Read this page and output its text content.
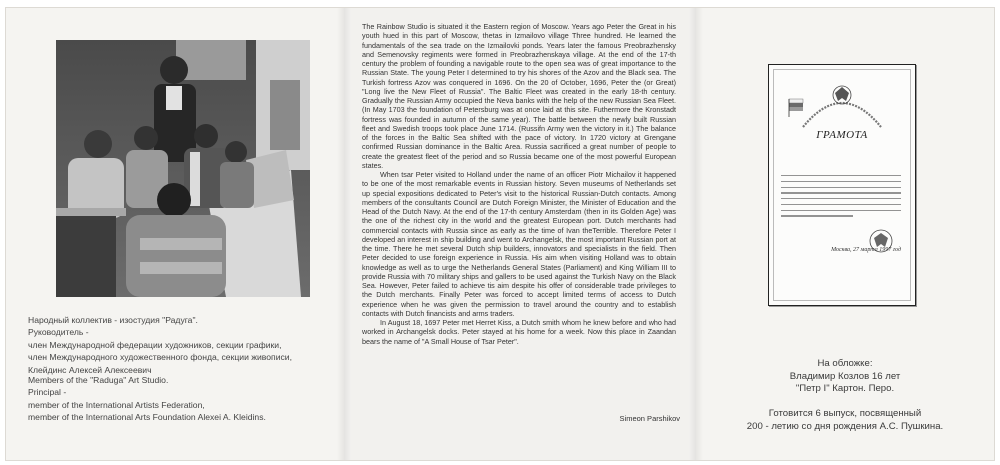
Народный коллектив - изостудия "Радуга".
Руководитель -
член Международной федерации художников, секции графики,
член Международного художественного фонда, секции живописи,
Клейдинс Алексей Алексеевич
Members of the "Raduga" Art Studio.
Principal -
member of the International Artists Federation,
member of the International Arts Foundation Alexei A. Kleidins.

The Rainbow Studio is situated it the Eastern region of Moscow. Years ago Peter the Great in his youth hued in this part of Moscow, thetas in Izmailovo village Three hundred. He learned the fundamentals of the sea trade on the Izmailovki ponds. Years later the famous Preobrazhensky and Semenovsky regiments were formed in Preobrazhenskaya village. At the end of the 17-th century the problem of founding a navigable route to the open sea was of great importance to the Russian State. The young Peter I determined to try his shores of the Azov and the Black sea. The Turkish fortress Azov was conquered in 1696. On the 20 of October, 1696, Peter the (or Great) "Long live the New Fleet of Russia". The Baltic Fleet was created in the early 18-th century. Gradually the Russian Army occupied the Neva banks with the help of the new Russian Sea Fleet. (In May 1703 the foundation of Petersburg was at once laid at this site. Futhermore the Kronstadt fortress was founded in autumn of the same year). The battle between the newly built Russian fleet and Swedish troops took place June 1714. (Russifn Army wen the victory in it.) The balance of the forces in the Baltic Sea shifted with the pace of victory. In 1720 victory at Grengane confirmed Russian dominance in the Baltic Area. Russia sacrificed a great number of people to create the greatest fleet of the period and so Russia became one of the most powerful European states.

When tsar Peter visited to Holland under the name of an officer Piotr Michailov it happened to be one of the most remarkable events in Russian history. Seven museums of Netherlands set up special expositions dedicated to Peter's visit to the historical Russian-Dutch contacts. Among members of the consultants Council are Dutch Foreign Minister, the Minister of Education and the Head of the Dutch Navy. At the end of the 17-th century Amsterdam (then in its Golden Age) was the one of the richest city in the world and the greatest European port. Dutch merchants had commercial contacts with Russia since as early as the time of Ivan theTerrible. Therefore Peter I developed an interest in ship building and went to Archangelsk, the most important Russian port at the time. There he met several Dutch ship builders, innovators and specialists in the field. Then Peter decided to use foreign experience in Russia. His aim when visiting Holland was to obtain knowledge as well as to urge the Netherlands General States (Parliament) and King William III to provide Russia with 70 military ships and gallers to be used against the Turkish Navy on the Black Sea. However, Peter failed to achieve tis aim despite his offer of considerable trade privileges to the Dutch merchants. Finally Peter was forced to accept limited terms of access to Dutch experience when he was given the permission to travel around the country and to establish contacts with Dutch financists and arms traders.

In August 18, 1697 Peter met Herret Kiss, a Dutch smith whom he knew before and who had worked in Archangelsk docks. Peter stayed at his home for a week. Now this place in Zaandan bears the name of "A Small House of Tsar Peter".

Simeon Parshikov
ГРАМОТА
Москва, 27 марта 1997 год
На обложке:
Владимир Козлов 16 лет
"Петр I" Картон. Перо.
Готовится 6 выпуск, посвященный
200 - летию со дня рождения А.С. Пушкина.
